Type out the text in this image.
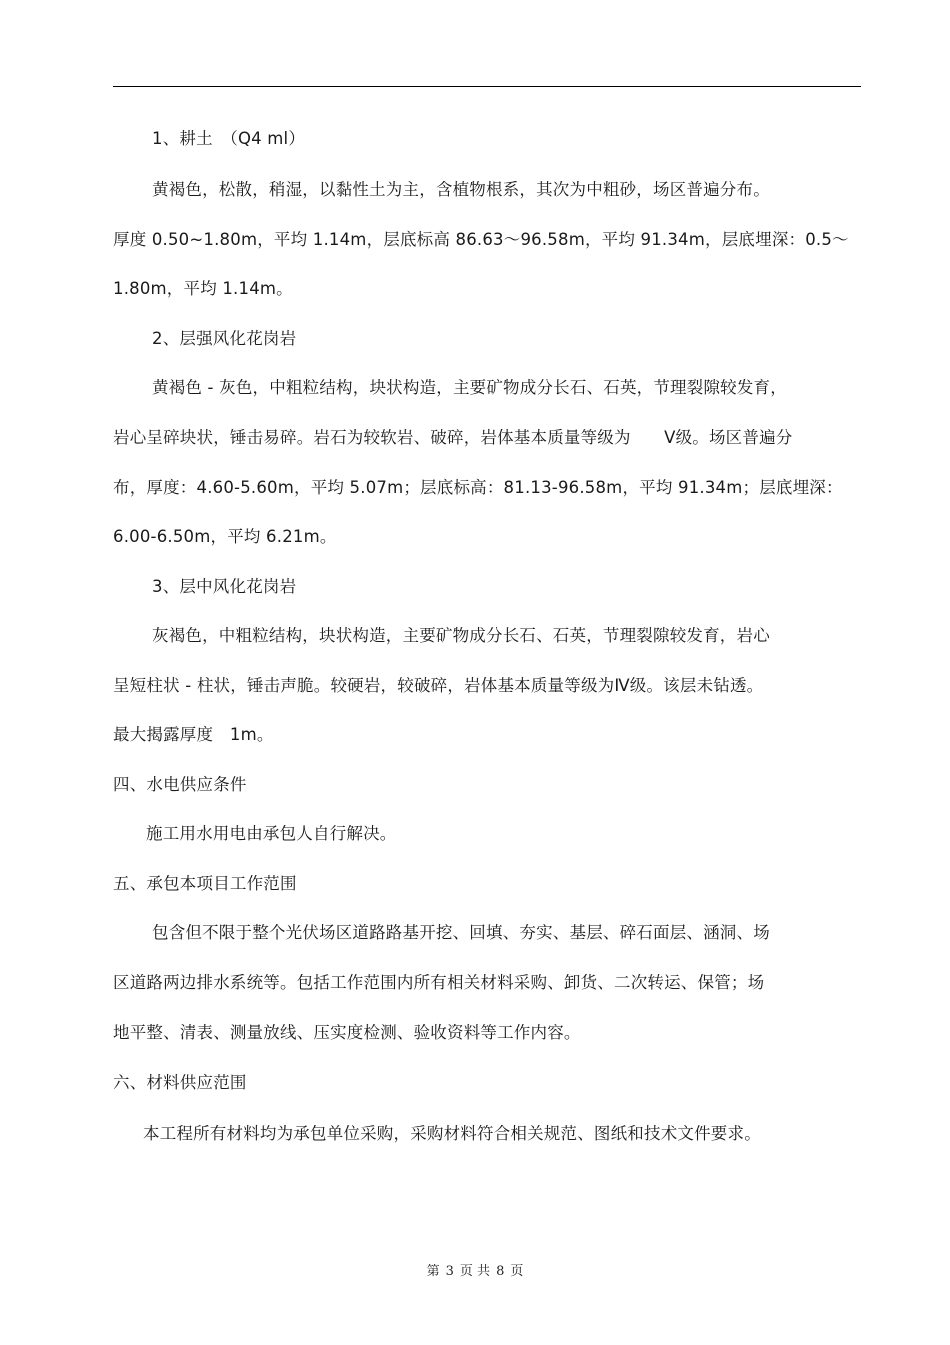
1、耕土　（Q4 ml）
黄褐色，松散，稍湿，以黏性土为主，含植物根系，其次为中粗砂，场区普遍分布。
厚度 0.50~1.80m，平均 1.14m，层底标高 86.63～96.58m，平均 91.34m，层底埋深：0.5～
1.80m，平均 1.14m。
2、层强风化花岗岩
黄褐色 - 灰色，中粗粒结构，块状构造，主要矿物成分长石、石英，节理裂隙较发育，
岩心呈碎块状，锤击易碎。岩石为较软岩、破碎，岩体基本质量等级为　　Ⅴ级。场区普遍分
布，厚度：4.60-5.60m，平均 5.07m；层底标高：81.13-96.58m，平均 91.34m；层底埋深：
6.00-6.50m，平均 6.21m。
3、层中风化花岗岩
灰褐色，中粗粒结构，块状构造，主要矿物成分长石、石英，节理裂隙较发育，岩心
呈短柱状 - 柱状，锤击声脆。较硬岩，较破碎，岩体基本质量等级为Ⅳ级。该层未钻透。
最大揭露厚度　1m。
四、水电供应条件
施工用水用电由承包人自行解决。
五、承包本项目工作范围
包含但不限于整个光伏场区道路路基开挖、回填、夯实、基层、碎石面层、涵洞、场
区道路两边排水系统等。包括工作范围内所有相关材料采购、卸货、二次转运、保管；场
地平整、清表、测量放线、压实度检测、验收资料等工作内容。
六、材料供应范围
本工程所有材料均为承包单位采购，采购材料符合相关规范、图纸和技术文件要求。
第 3 页 共 8 页
